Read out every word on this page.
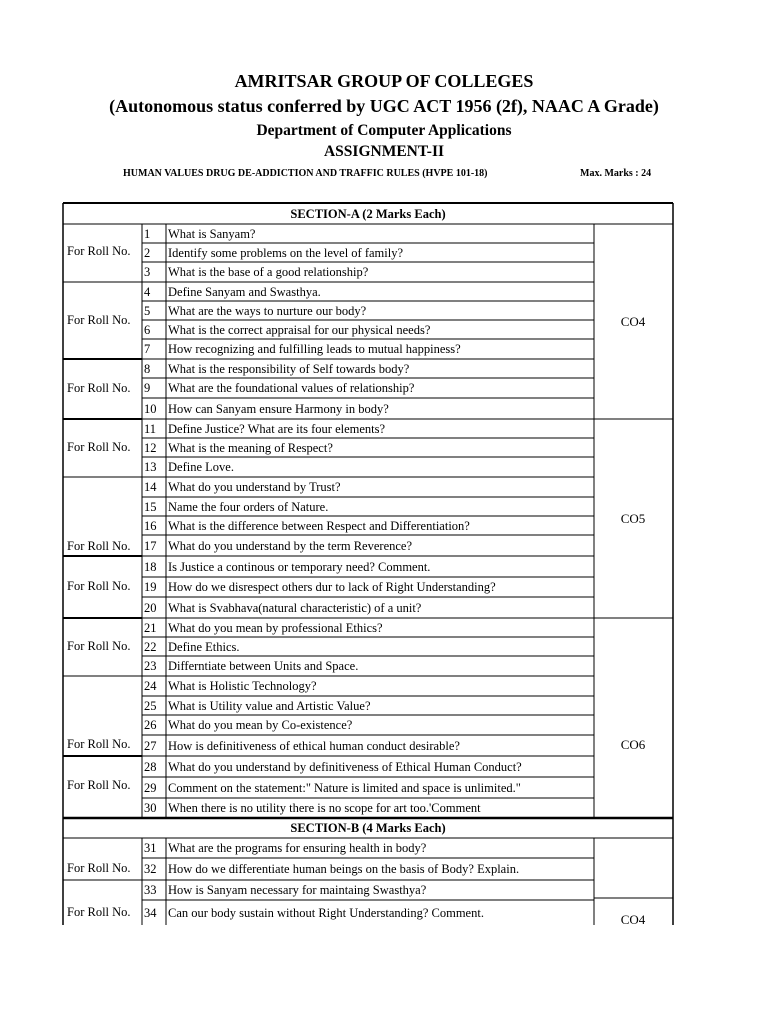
AMRITSAR GROUP OF COLLEGES
(Autonomous status conferred by UGC ACT 1956 (2f), NAAC A Grade)
Department of Computer Applications
ASSIGNMENT-II
HUMAN VALUES DRUG DE-ADDICTION AND TRAFFIC RULES (HVPE 101-18)	Max. Marks : 24
SECTION-A (2 Marks Each)
SECTION-B (4 Marks Each)
1 What is Sanyam?
2 Identify some problems on the level of family?
3 What is the base of a good relationship?
4 Define Sanyam and Swasthya.
5 What are the ways to nurture our body?
6 What is the correct appraisal for our physical needs?
7 How recognizing and fulfilling leads to mutual happiness?
8 What is the responsibility of Self towards body?
9 What are the foundational values of relationship?
10 How can Sanyam ensure Harmony in body?
11 Define Justice? What are its four elements?
12 What is the meaning of Respect?
13 Define Love.
14 What do you understand by Trust?
15 Name the four orders of Nature.
16 What is the difference between Respect and Differentiation?
17 What do you understand by the term Reverence?
18 Is Justice a continous or temporary need? Comment.
19 How do we disrespect others dur to lack of Right Understanding?
20 What is Svabhava(natural characteristic) of a unit?
21 What do you mean by professional Ethics?
22 Define Ethics.
23 Differntiate between Units and Space.
24 What is Holistic Technology?
25 What is Utility value and Artistic Value?
26 What do you mean by Co-existence?
27 How is definitiveness of ethical human conduct desirable?
28 What do you understand by definitiveness of Ethical Human Conduct?
29 Comment on the statement:" Nature is limited and space is unlimited."
30 When there is no utility there is no scope for art too.'Comment
31 What are the programs for ensuring health in body?
32 How do we differentiate human beings on the basis of Body? Explain.
33 How is Sanyam necessary for maintaing Swasthya?
34 Can our body sustain without Right Understanding? Comment.
For Roll No.
For Roll No.
For Roll No.
For Roll No.
For Roll No.
For Roll No.
For Roll No.
For Roll No.
For Roll No.
For Roll No.
For Roll No.
CO4
CO5
CO6
CO4
